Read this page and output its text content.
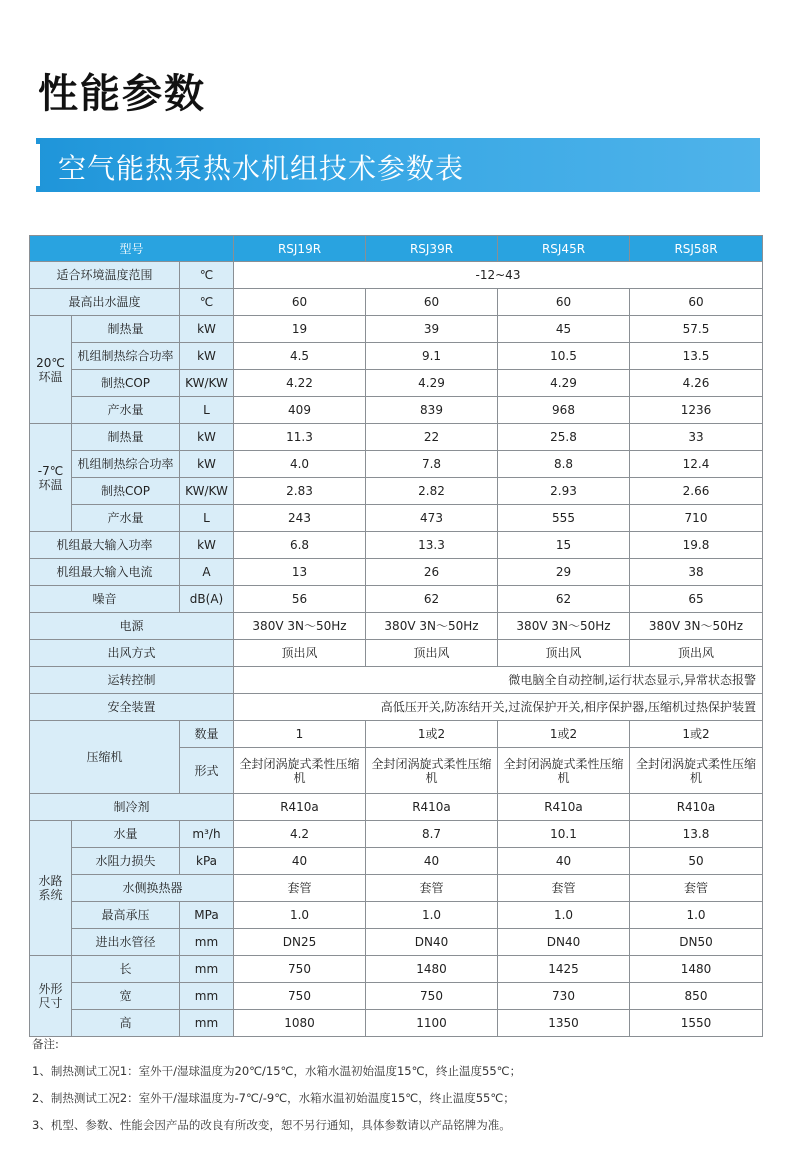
性能参数
空气能热泵热水机组技术参数表
型号			RSJ19R	RSJ39R	RSJ45R	RSJ58R
适合环境温度范围		℃	-12~43			
最高出水温度		℃	60	60	60	60
20℃
环温	制热量	kW	19	39	45	57.5
	机组制热综合功率	kW	4.5	9.1	10.5	13.5
	制热COP	KW/KW	4.22	4.29	4.29	4.26
	产水量	L	409	839	968	1236
-7℃
环温	制热量	kW	11.3	22	25.8	33
	机组制热综合功率	kW	4.0	7.8	8.8	12.4
	制热COP	KW/KW	2.83	2.82	2.93	2.66
	产水量	L	243	473	555	710
机组最大输入功率		kW	6.8	13.3	15	19.8
机组最大输入电流		A	13	26	29	38
噪音		dB(A)	56	62	62	65
电源			380V 3N～50Hz	380V 3N～50Hz	380V 3N～50Hz	380V 3N～50Hz
出风方式			顶出风	顶出风	顶出风	顶出风
运转控制			微电脑全自动控制,运行状态显示,异常状态报警			
安全装置			高低压开关,防冻结开关,过流保护开关,相序保护器,压缩机过热保护装置			
压缩机		数量	1	1或2	1或2	1或2
		形式	全封闭涡旋式柔性压缩机	全封闭涡旋式柔性压缩机	全封闭涡旋式柔性压缩机	全封闭涡旋式柔性压缩机
制冷剂			R410a	R410a	R410a	R410a
水路
系统	水量	m³/h	4.2	8.7	10.1	13.8
	水阻力损失	kPa	40	40	40	50
	水侧换热器		套管	套管	套管	套管
	最高承压	MPa	1.0	1.0	1.0	1.0
	进出水管径	mm	DN25	DN40	DN40	DN50
外形
尺寸	长	mm	750	1480	1425	1480
	宽	mm	750	750	730	850
	高	mm	1080	1100	1350	1550
备注:
1、制热测试工况1：室外干/湿球温度为20℃/15℃，水箱水温初始温度15℃，终止温度55℃；
2、制热测试工况2：室外干/湿球温度为-7℃/-9℃，水箱水温初始温度15℃，终止温度55℃；
3、机型、参数、性能会因产品的改良有所改变，恕不另行通知，具体参数请以产品铭牌为准。
